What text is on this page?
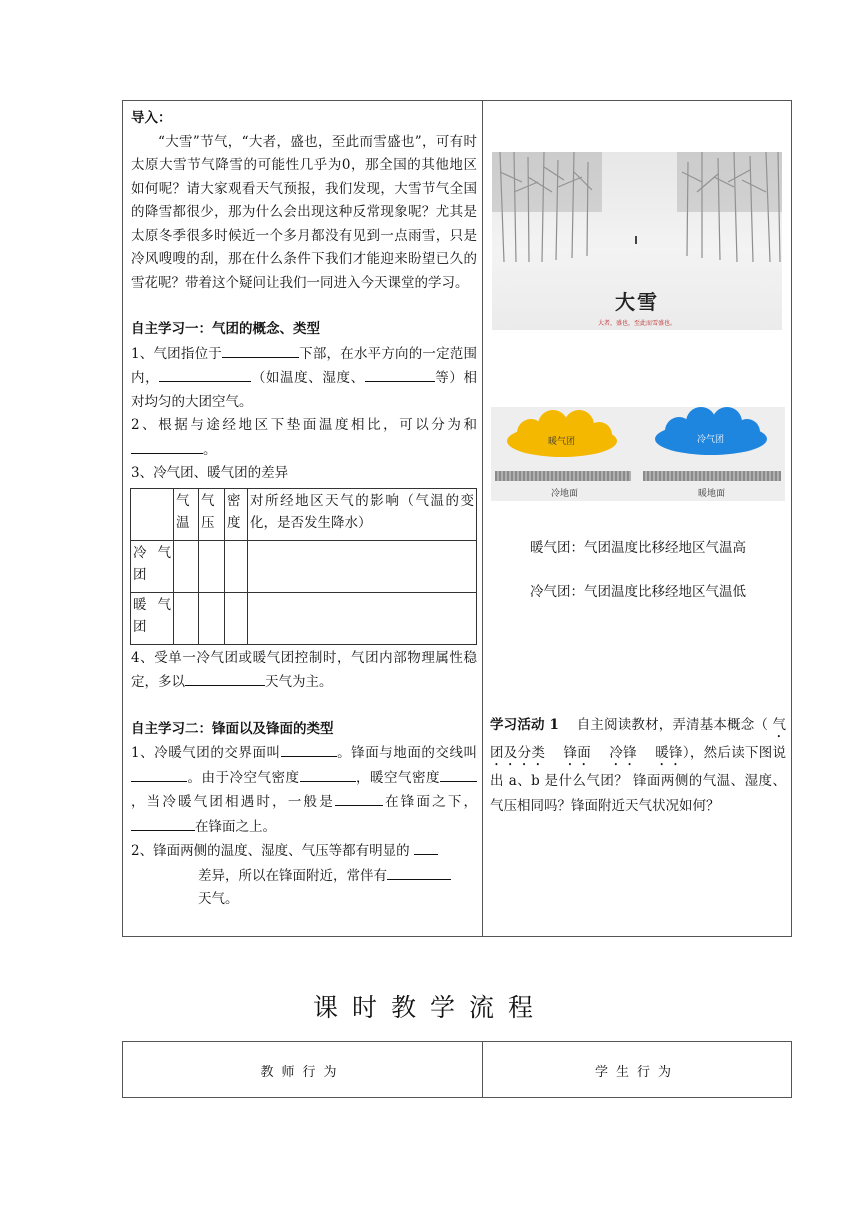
导入：

“大雪”节气，“大者，盛也，至此而雪盛也”，可有时太原大雪节气降雪的可能性几乎为0，那全国的其他地区如何呢？请大家观看天气预报，我们发现，大雪节气全国的降雪都很少，那为什么会出现这种反常现象呢？尤其是太原冬季很多时候近一个多月都没有见到一点雨雪，只是冷风嗖嗖的刮，那在什么条件下我们才能迎来盼望已久的雪花呢？带着这个疑问让我们一同进入今天课堂的学习。

自主学习一：气团的概念、类型

1、气团指位于	下部，在水平方向的一定范围内，	（如温度、湿度、	等）相对均匀的大团空气。

2、根据与途经地区下垫面温度相比，可以分为和。

3、冷气团、暖气团的差异

	气温	气压	密度	对所经地区天气的影响（气温的变化，是否发生降水）
冷 气团				
暖 气团				

4、受单一冷气团或暖气团控制时，气团内部物理属性稳定，多以	天气为主。

自主学习二：锋面以及锋面的类型

1、冷暖气团的交界面叫	。锋面与地面的交线叫。由于冷空气密度	，暖空气密度，当冷暖气团相遇时，一般是	在锋面之下，在锋面之上。

2、锋面两侧的温度、湿度、气压等都有明显的

差异，所以在锋面附近，常伴有

天气。

大雪
大者，盛也，至此而雪盛也。
暖气团	冷气团
冷地面	暖地面
暖气团：气团温度比移经地区气温高
冷气团：气团温度比移经地区气温低

学习活动 1 自主阅读教材，弄清基本概念（ 气团及分类 锋面 冷锋 暖锋），然后读下图说出 a、b 是什么气团？ 锋面两侧的气温、湿度、气压相同吗？锋面附近天气状况如何？

课时教学流程
教师行为	学生行为
